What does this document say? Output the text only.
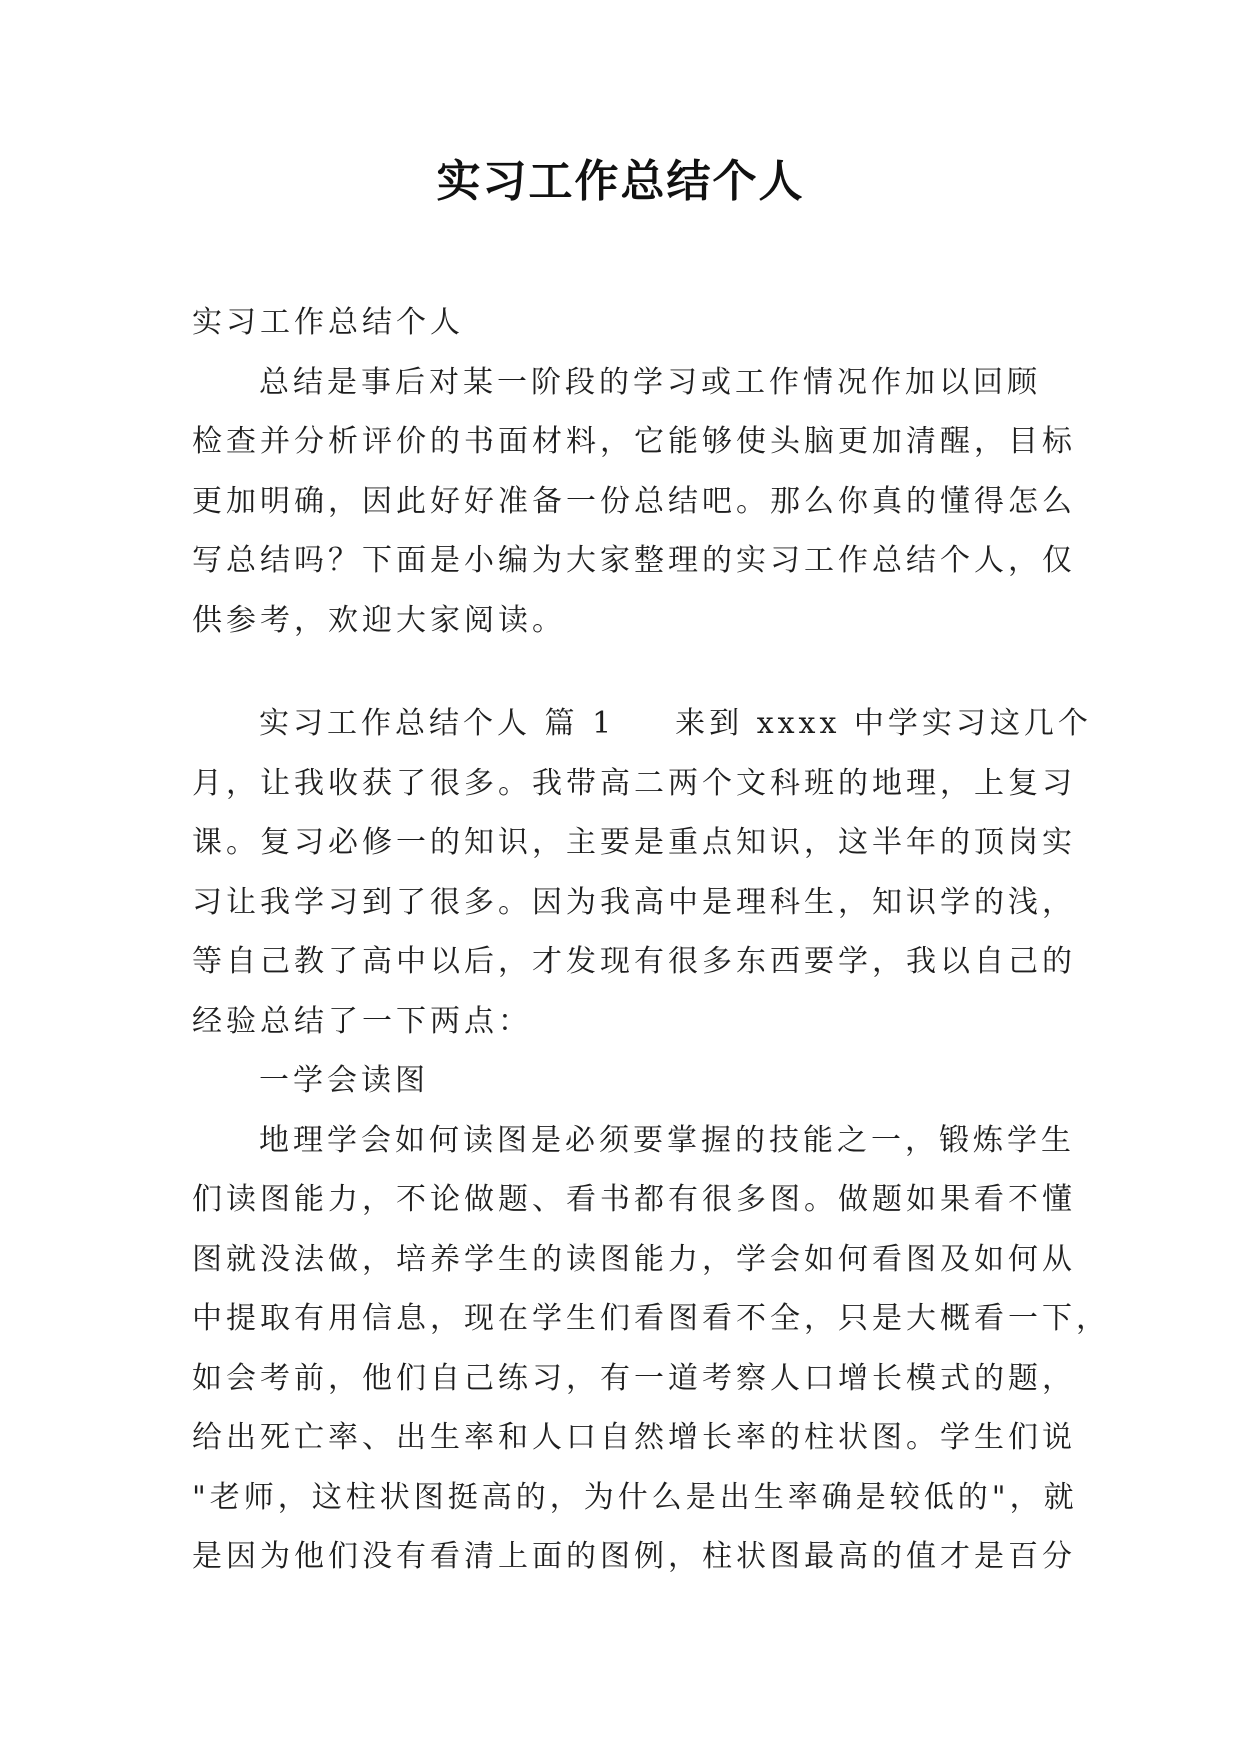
实习工作总结个人
实习工作总结个人
总结是事后对某一阶段的学习或工作情况作加以回顾
检查并分析评价的书面材料，它能够使头脑更加清醒，目标
更加明确，因此好好准备一份总结吧。那么你真的懂得怎么
写总结吗？下面是小编为大家整理的实习工作总结个人，仅
供参考，欢迎大家阅读。
实习工作总结个人 篇 1 来到 xxxx 中学实习这几个
月，让我收获了很多。我带高二两个文科班的地理，上复习
课。复习必修一的知识，主要是重点知识，这半年的顶岗实
习让我学习到了很多。因为我高中是理科生，知识学的浅，
等自己教了高中以后，才发现有很多东西要学，我以自己的
经验总结了一下两点：
一学会读图
地理学会如何读图是必须要掌握的技能之一，锻炼学生
们读图能力，不论做题、看书都有很多图。做题如果看不懂
图就没法做，培养学生的读图能力，学会如何看图及如何从
中提取有用信息，现在学生们看图看不全，只是大概看一下，
如会考前，他们自己练习，有一道考察人口增长模式的题，
给出死亡率、出生率和人口自然增长率的柱状图。学生们说
"老师，这柱状图挺高的，为什么是出生率确是较低的"，就
是因为他们没有看清上面的图例，柱状图最高的值才是百分
